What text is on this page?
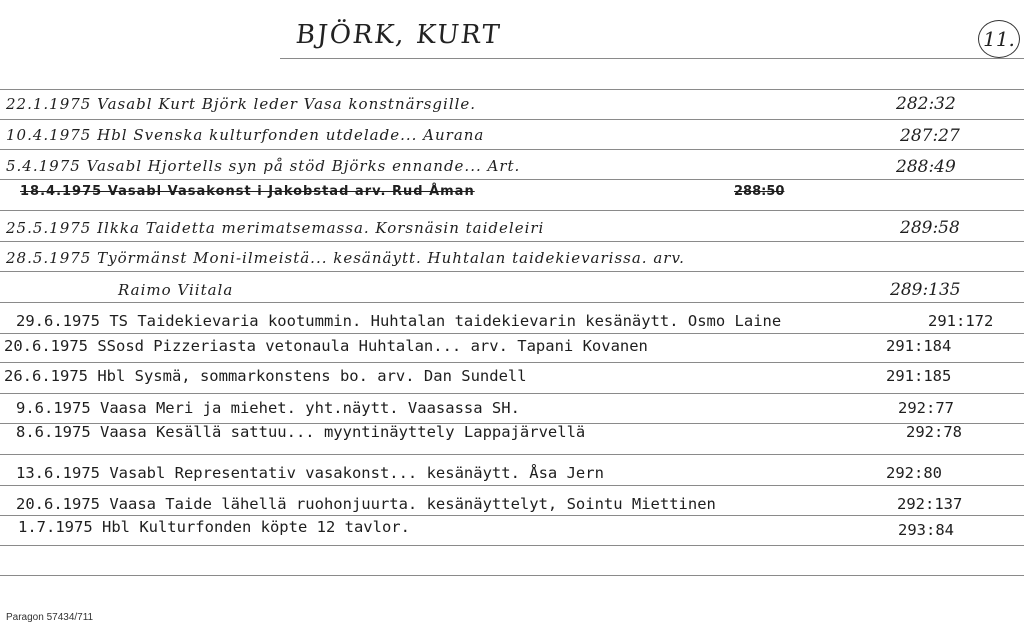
BJÖRK, KURT	11.
22.1.1975 Vasabl Kurt Björk leder Vasa konstnärsgille.	282:32
10.4.1975 Hbl Svenska kulturfonden utdelade... Aurana	287:27
5.4.1975 Vasabl Hjortells syn på stöd Björks ennande... Art.	288:49
18.4.1975 Vasabl Vasakonst i Jakobstad arv. Rud Åman	288:50
25.5.1975 Ilkka Taidetta merimatsemassa. Korsnäsin taideleiri	289:58
28.5.1975 Työrmänst Moni-ilmeistä... kesänäytt. Huhtalan taidekievarissa. arv.
Raimo Viitala	289:135
29.6.1975 TS Taidekievaria kootummin. Huhtalan taidekievarin kesänäytt. Osmo Laine	291:172
20.6.1975 SSosd Pizzeriasta vetonaula Huhtalan... arv. Tapani Kovanen	291:184
26.6.1975 Hbl Sysmä, sommarkonstens bo. arv. Dan Sundell	291:185
9.6.1975 Vaasa Meri ja miehet. yht.näytt. Vaasassa SH.	292:77
8.6.1975 Vaasa Kesällä sattuu... myyntinäyttely Lappajärvellä	292:78
13.6.1975 Vasabl Representativ vasakonst... kesänäytt. Åsa Jern	292:80
20.6.1975 Vaasa Taide lähellä ruohonjuurta. kesänäyttelyt, Sointu Miettinen	292:137
1.7.1975 Hbl Kulturfonden köpte 12 tavlor.	293:84
Paragon 57434/711
